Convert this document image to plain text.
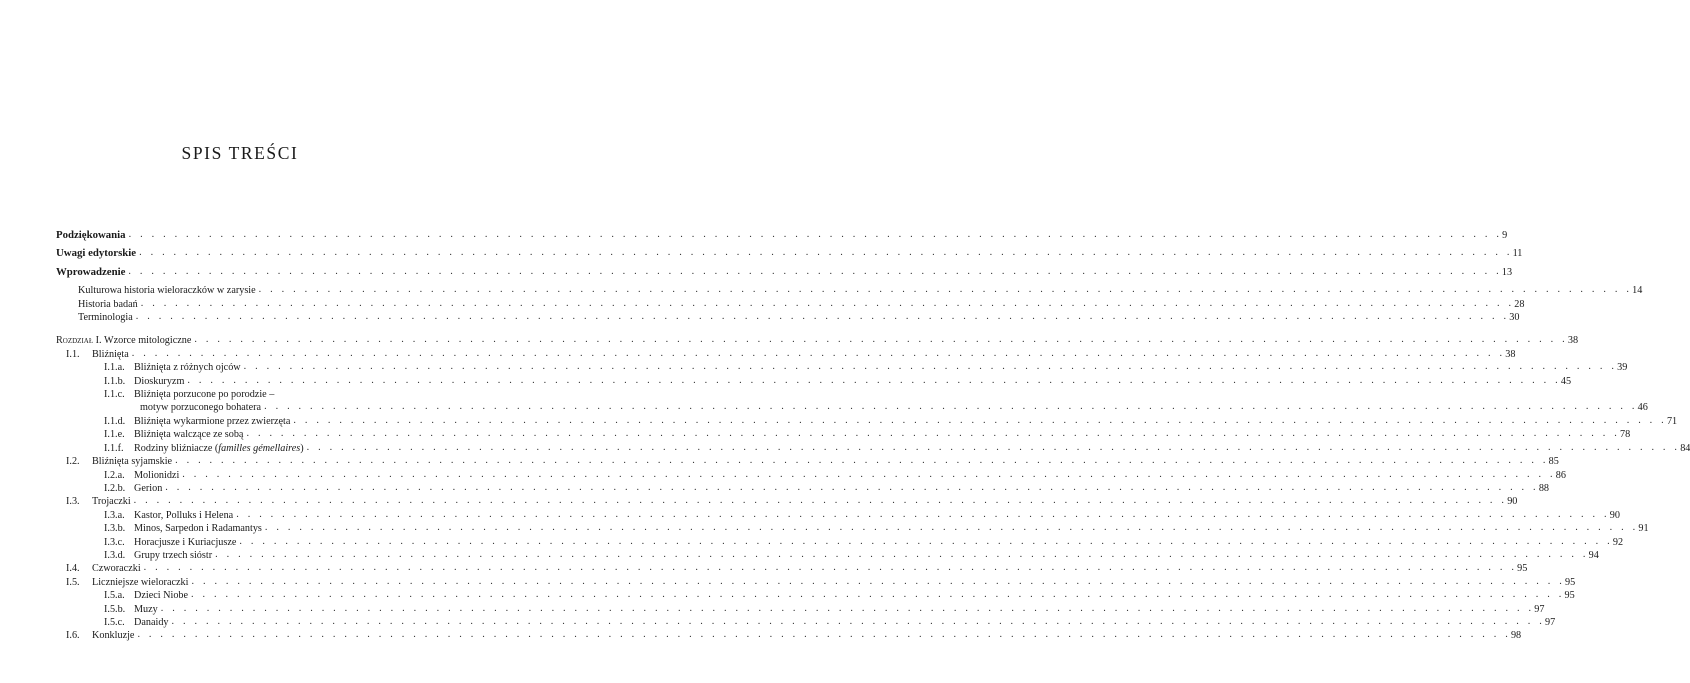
SPIS TREŚCI
Podziękowania . . . . . . . . . . . . . . . . . . . . . . . . . . . . . . . . . . . . . . . . . . . . . . . . . . . . . . . . . . . . . . . . . . . . . . . . . . . . . . . . . . . . . . . . . . . . . . . . . . . . . . . . . . . . . . . . . . . . . . . . 9
Uwagi edytorskie . . . . . . . . . . . . . . . . . . . . . . . . . . . . . . . . . . . . . . . . . . . . . . . . . . . . . . . . . . . . . . . . . . . . . . . . . . . . . . . . . . . . . . . . . . . . . . . . . . . . . . . . . . . . . . . . . . . . . . . . 11
Wprowadzenie . . . . . . . . . . . . . . . . . . . . . . . . . . . . . . . . . . . . . . . . . . . . . . . . . . . . . . . . . . . . . . . . . . . . . . . . . . . . . . . . . . . . . . . . . . . . . . . . . . . . . . . . . . . . . . . . . . . . . . . . 13
Kulturowa historia wieloraczków w zarysie . . . . . . . . . . . . . . . . . . . . . . . . . . . . . . . . . . . . . . . . . . . . . . . . . . . . . . . . . . . . . . . . . . . . . . . . . . . . . . . . . . . . . . . . . . . . . . . . . . . . . . . . . . . . . . . . . . . . . . . . 14
Historia badań . . . . . . . . . . . . . . . . . . . . . . . . . . . . . . . . . . . . . . . . . . . . . . . . . . . . . . . . . . . . . . . . . . . . . . . . . . . . . . . . . . . . . . . . . . . . . . . . . . . . . . . . . . . . . . . . . . . . . . . . 28
Terminologia . . . . . . . . . . . . . . . . . . . . . . . . . . . . . . . . . . . . . . . . . . . . . . . . . . . . . . . . . . . . . . . . . . . . . . . . . . . . . . . . . . . . . . . . . . . . . . . . . . . . . . . . . . . . . . . . . . . . . . . . 30
Rozdział I. Wzorce mitologiczne . . . . . . . . . . . . . . . . . . . . . . . . . . . . . . . . . . . . . . . . . . . . . . . . . . . . . . . . . . . . . . . . . . . . . . . . . . . . . . . . . . . . . . . . . . . . . . . . . . . . . . . . . . . . . . . . . . . . . . . . 38
I.1. Bliźnięta . . . . . . . . . . . . . . . . . . . . . . . . . . . . . . . . . . . . . . . . . . . . . . . . . . . . . . . . . . . . . . . . . . . . . . . . . . . . . . . . . . . . . . . . . . . . . . . . . . . . . . . . . . . . . . . . . . . . . . . . 38
I.1.a. Bliźnięta z różnych ojców . . . . . . . . . . . . . . . . . . . . . . . . . . . . . . . . . . . . . . . . . . . . . . . . . . . . . . . . . . . . . . . . . . . . . . . . . . . . . . . . . . . . . . . . . . . . . . . . . . . . . . . . . . . . . . . . . . . . . . . . 39
I.1.b. Dioskuryzm . . . . . . . . . . . . . . . . . . . . . . . . . . . . . . . . . . . . . . . . . . . . . . . . . . . . . . . . . . . . . . . . . . . . . . . . . . . . . . . . . . . . . . . . . . . . . . . . . . . . . . . . . . . . . . . . . . . . . . . . 45
I.1.c. Bliźnięta porzucone po porodzie –
motyw porzuconego bohatera . . . . . . . . . . . . . . . . . . . . . . . . . . . . . . . . . . . . . . . . . . . . . . . . . . . . . . . . . . . . . . . . . . . . . . . . . . . . . . . . . . . . . . . . . . . . . . . . . . . . . . . . . . . . . . . . . . . . . . . . 46
I.1.d. Bliźnięta wykarmione przez zwierzęta . . . . . . . . . . . . . . . . . . . . . . . . . . . . . . . . . . . . . . . . . . . . . . . . . . . . . . . . . . . . . . . . . . . . . . . . . . . . . . . . . . . . . . . . . . . . . . . . . . . . . . . . . . . . . . . . . . . . . . . . 71
I.1.e. Bliźnięta walczące ze sobą . . . . . . . . . . . . . . . . . . . . . . . . . . . . . . . . . . . . . . . . . . . . . . . . . . . . . . . . . . . . . . . . . . . . . . . . . . . . . . . . . . . . . . . . . . . . . . . . . . . . . . . . . . . . . . . . . . . . . . . . 78
I.1.f. Rodziny bliźniacze (familles gémellaires) . . . . . . . . . . . . . . . . . . . . . . . . . . . . . . . . . . . . . . . . . . . . . . . . . . . . . . . . . . . . . . . . . . . . . . . . . . . . . . . . . . . . . . . . . . . . . . . . . . . . . . . . . . . . . . . . . . . . . . . . 84
I.2. Bliźnięta syjamskie . . . . . . . . . . . . . . . . . . . . . . . . . . . . . . . . . . . . . . . . . . . . . . . . . . . . . . . . . . . . . . . . . . . . . . . . . . . . . . . . . . . . . . . . . . . . . . . . . . . . . . . . . . . . . . . . . . . . . . . . 85
I.2.a. Molionidzi . . . . . . . . . . . . . . . . . . . . . . . . . . . . . . . . . . . . . . . . . . . . . . . . . . . . . . . . . . . . . . . . . . . . . . . . . . . . . . . . . . . . . . . . . . . . . . . . . . . . . . . . . . . . . . . . . . . . . . . . 86
I.2.b. Gerion . . . . . . . . . . . . . . . . . . . . . . . . . . . . . . . . . . . . . . . . . . . . . . . . . . . . . . . . . . . . . . . . . . . . . . . . . . . . . . . . . . . . . . . . . . . . . . . . . . . . . . . . . . . . . . . . . . . . . . . . 88
I.3. Trojaczki . . . . . . . . . . . . . . . . . . . . . . . . . . . . . . . . . . . . . . . . . . . . . . . . . . . . . . . . . . . . . . . . . . . . . . . . . . . . . . . . . . . . . . . . . . . . . . . . . . . . . . . . . . . . . . . . . . . . . . . . 90
I.3.a. Kastor, Polluks i Helena . . . . . . . . . . . . . . . . . . . . . . . . . . . . . . . . . . . . . . . . . . . . . . . . . . . . . . . . . . . . . . . . . . . . . . . . . . . . . . . . . . . . . . . . . . . . . . . . . . . . . . . . . . . . . . . . . . . . . . . . 90
I.3.b. Minos, Sarpedon i Radamantys . . . . . . . . . . . . . . . . . . . . . . . . . . . . . . . . . . . . . . . . . . . . . . . . . . . . . . . . . . . . . . . . . . . . . . . . . . . . . . . . . . . . . . . . . . . . . . . . . . . . . . . . . . . . . . . . . . . . . . . . 91
I.3.c. Horacjusze i Kuriacjusze . . . . . . . . . . . . . . . . . . . . . . . . . . . . . . . . . . . . . . . . . . . . . . . . . . . . . . . . . . . . . . . . . . . . . . . . . . . . . . . . . . . . . . . . . . . . . . . . . . . . . . . . . . . . . . . . . . . . . . . . 92
I.3.d. Grupy trzech sióstr . . . . . . . . . . . . . . . . . . . . . . . . . . . . . . . . . . . . . . . . . . . . . . . . . . . . . . . . . . . . . . . . . . . . . . . . . . . . . . . . . . . . . . . . . . . . . . . . . . . . . . . . . . . . . . . . . . . . . . . . 94
I.4. Czworaczki . . . . . . . . . . . . . . . . . . . . . . . . . . . . . . . . . . . . . . . . . . . . . . . . . . . . . . . . . . . . . . . . . . . . . . . . . . . . . . . . . . . . . . . . . . . . . . . . . . . . . . . . . . . . . . . . . . . . . . . . 95
I.5. Liczniejsze wieloraczki . . . . . . . . . . . . . . . . . . . . . . . . . . . . . . . . . . . . . . . . . . . . . . . . . . . . . . . . . . . . . . . . . . . . . . . . . . . . . . . . . . . . . . . . . . . . . . . . . . . . . . . . . . . . . . . . . . . . . . . . 95
I.5.a. Dzieci Niobe . . . . . . . . . . . . . . . . . . . . . . . . . . . . . . . . . . . . . . . . . . . . . . . . . . . . . . . . . . . . . . . . . . . . . . . . . . . . . . . . . . . . . . . . . . . . . . . . . . . . . . . . . . . . . . . . . . . . . . . . 95
I.5.b. Muzy . . . . . . . . . . . . . . . . . . . . . . . . . . . . . . . . . . . . . . . . . . . . . . . . . . . . . . . . . . . . . . . . . . . . . . . . . . . . . . . . . . . . . . . . . . . . . . . . . . . . . . . . . . . . . . . . . . . . . . . . 97
I.5.c. Danaidy . . . . . . . . . . . . . . . . . . . . . . . . . . . . . . . . . . . . . . . . . . . . . . . . . . . . . . . . . . . . . . . . . . . . . . . . . . . . . . . . . . . . . . . . . . . . . . . . . . . . . . . . . . . . . . . . . . . . . . . . 97
I.6. Konkluzje . . . . . . . . . . . . . . . . . . . . . . . . . . . . . . . . . . . . . . . . . . . . . . . . . . . . . . . . . . . . . . . . . . . . . . . . . . . . . . . . . . . . . . . . . . . . . . . . . . . . . . . . . . . . . . . . . . . . . . . . 98
